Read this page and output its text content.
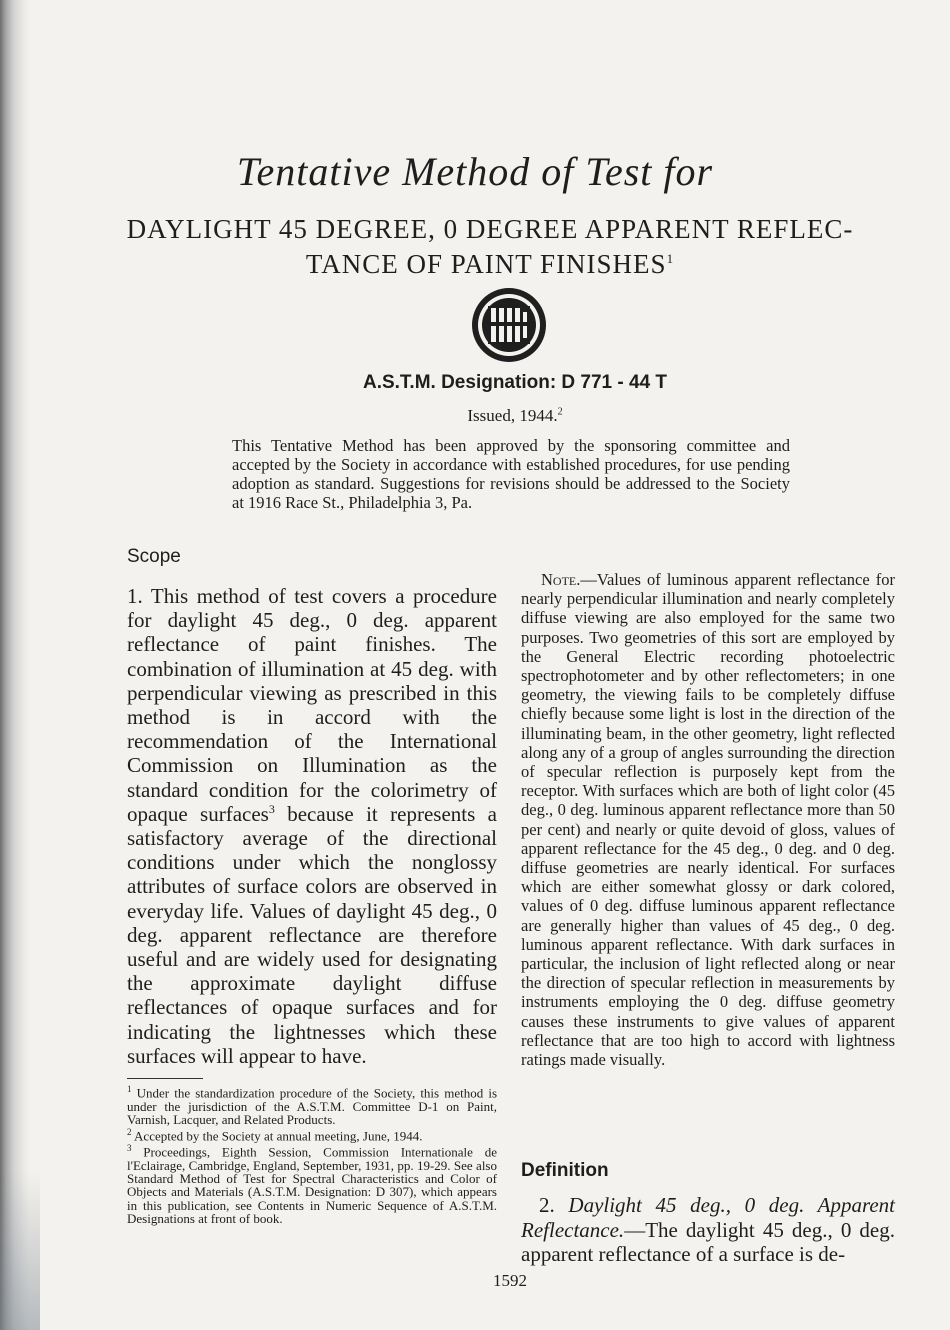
Tentative Method of Test for
DAYLIGHT 45 DEGREE, 0 DEGREE APPARENT REFLEC-TANCE OF PAINT FINISHES$^1$
A.S.T.M. Designation: D 771 - 44 T
Issued, 1944.$^2$
This Tentative Method has been approved by the sponsoring committee and accepted by the Society in accordance with established procedures, for use pending adoption as standard. Suggestions for revisions should be addressed to the Society at 1916 Race St., Philadelphia 3, Pa.
Scope
1. This method of test covers a procedure for daylight 45 deg., 0 deg. apparent reflectance of paint finishes. The combination of illumination at 45 deg. with perpendicular viewing as prescribed in this method is in accord with the recommendation of the International Commission on Illumination as the standard condition for the colorimetry of opaque surfaces$^3$ because it represents a satisfactory average of the directional conditions under which the nonglossy attributes of surface colors are observed in everyday life. Values of daylight 45 deg., 0 deg. apparent reflectance are therefore useful and are widely used for designating the approximate daylight diffuse reflectances of opaque surfaces and for indicating the lightnesses which these surfaces will appear to have.

$^1$ Under the standardization procedure of the Society, this method is under the jurisdiction of the A.S.T.M. Committee D-1 on Paint, Varnish, Lacquer, and Related Products.

$^2$ Accepted by the Society at annual meeting, June, 1944.

$^3$ Proceedings, Eighth Session, Commission Internationale de l'Eclairage, Cambridge, England, September, 1931, pp. 19-29. See also Standard Method of Test for Spectral Characteristics and Color of Objects and Materials (A.S.T.M. Designation: D 307), which appears in this publication, see Contents in Numeric Sequence of A.S.T.M. Designations at front of book.

Note.—Values of luminous apparent reflectance for nearly perpendicular illumination and nearly completely diffuse viewing are also employed for the same two purposes. Two geometries of this sort are employed by the General Electric recording photoelectric spectrophotometer and by other reflectometers; in one geometry, the viewing fails to be completely diffuse chiefly because some light is lost in the direction of the illuminating beam, in the other geometry, light reflected along any of a group of angles surrounding the direction of specular reflection is purposely kept from the receptor. With surfaces which are both of light color (45 deg., 0 deg. luminous apparent reflectance more than 50 per cent) and nearly or quite devoid of gloss, values of apparent reflectance for the 45 deg., 0 deg. and 0 deg. diffuse geometries are nearly identical. For surfaces which are either somewhat glossy or dark colored, values of 0 deg. diffuse luminous apparent reflectance are generally higher than values of 45 deg., 0 deg. luminous apparent reflectance. With dark surfaces in particular, the inclusion of light reflected along or near the direction of specular reflection in measurements by instruments employing the 0 deg. diffuse geometry causes these instruments to give values of apparent reflectance that are too high to accord with lightness ratings made visually.
Definition
2. Daylight 45 deg., 0 deg. Apparent Reflectance.—The daylight 45 deg., 0 deg. apparent reflectance of a surface is de-
1592
